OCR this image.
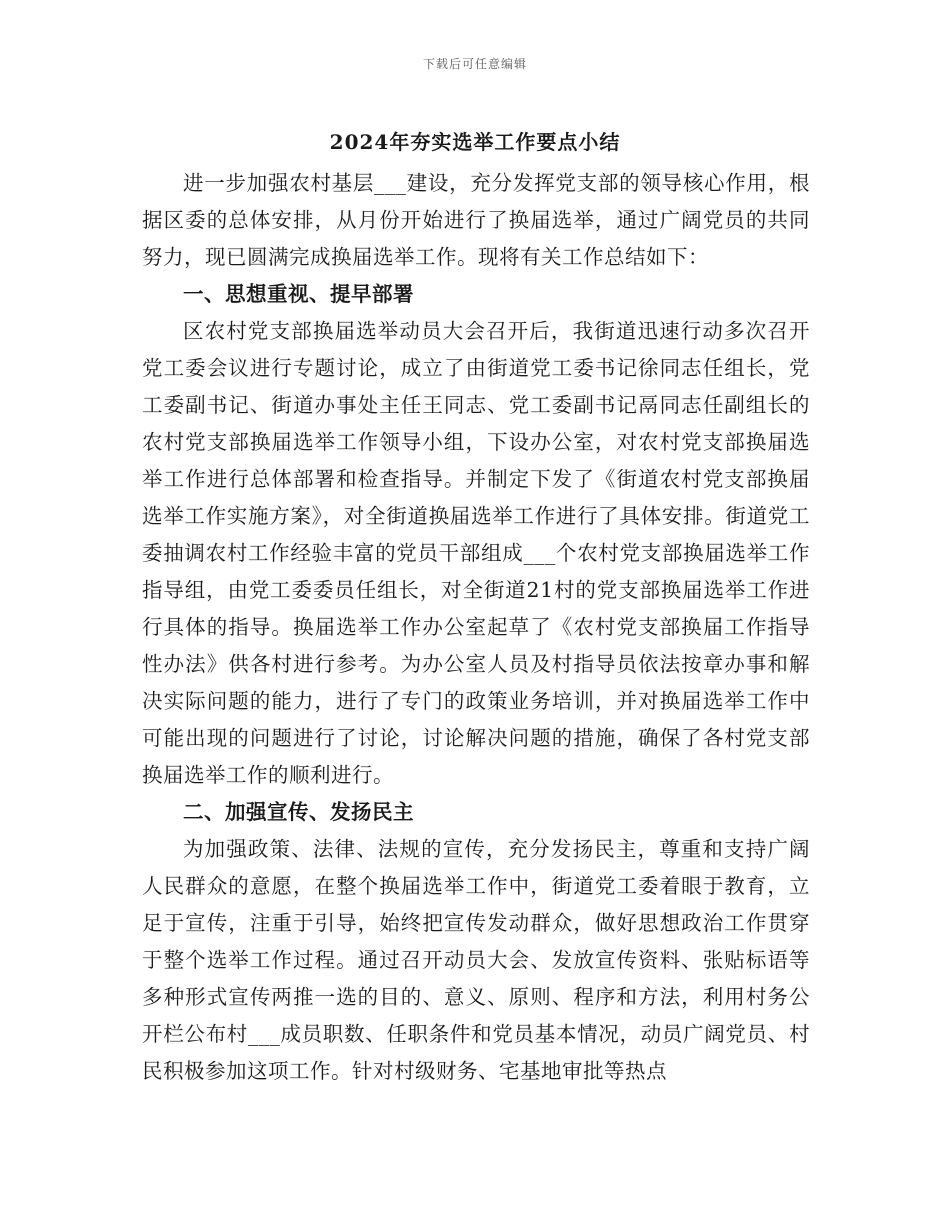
下载后可任意编辑
2024年夯实选举工作要点小结

进一步加强农村基层___建设，充分发挥党支部的领导核心作用，根据区委的总体安排，从月份开始进行了换届选举，通过广阔党员的共同努力，现已圆满完成换届选举工作。现将有关工作总结如下：

一、思想重视、提早部署

区农村党支部换届选举动员大会召开后，我街道迅速行动多次召开党工委会议进行专题讨论，成立了由街道党工委书记徐同志任组长，党工委副书记、街道办事处主任王同志、党工委副书记鬲同志任副组长的农村党支部换届选举工作领导小组，下设办公室，对农村党支部换届选举工作进行总体部署和检查指导。并制定下发了《街道农村党支部换届选举工作实施方案》，对全街道换届选举工作进行了具体安排。街道党工委抽调农村工作经验丰富的党员干部组成___个农村党支部换届选举工作指导组，由党工委委员任组长，对全街道21村的党支部换届选举工作进行具体的指导。换届选举工作办公室起草了《农村党支部换届工作指导性办法》供各村进行参考。为办公室人员及村指导员依法按章办事和解决实际问题的能力，进行了专门的政策业务培训，并对换届选举工作中可能出现的问题进行了讨论，讨论解决问题的措施，确保了各村党支部换届选举工作的顺利进行。

二、加强宣传、发扬民主

为加强政策、法律、法规的宣传，充分发扬民主，尊重和支持广阔人民群众的意愿，在整个换届选举工作中，街道党工委着眼于教育，立足于宣传，注重于引导，始终把宣传发动群众，做好思想政治工作贯穿于整个选举工作过程。通过召开动员大会、发放宣传资料、张贴标语等多种形式宣传两推一选的目的、意义、原则、程序和方法，利用村务公开栏公布村___成员职数、任职条件和党员基本情况，动员广阔党员、村民积极参加这项工作。针对村级财务、宅基地审批等热点
